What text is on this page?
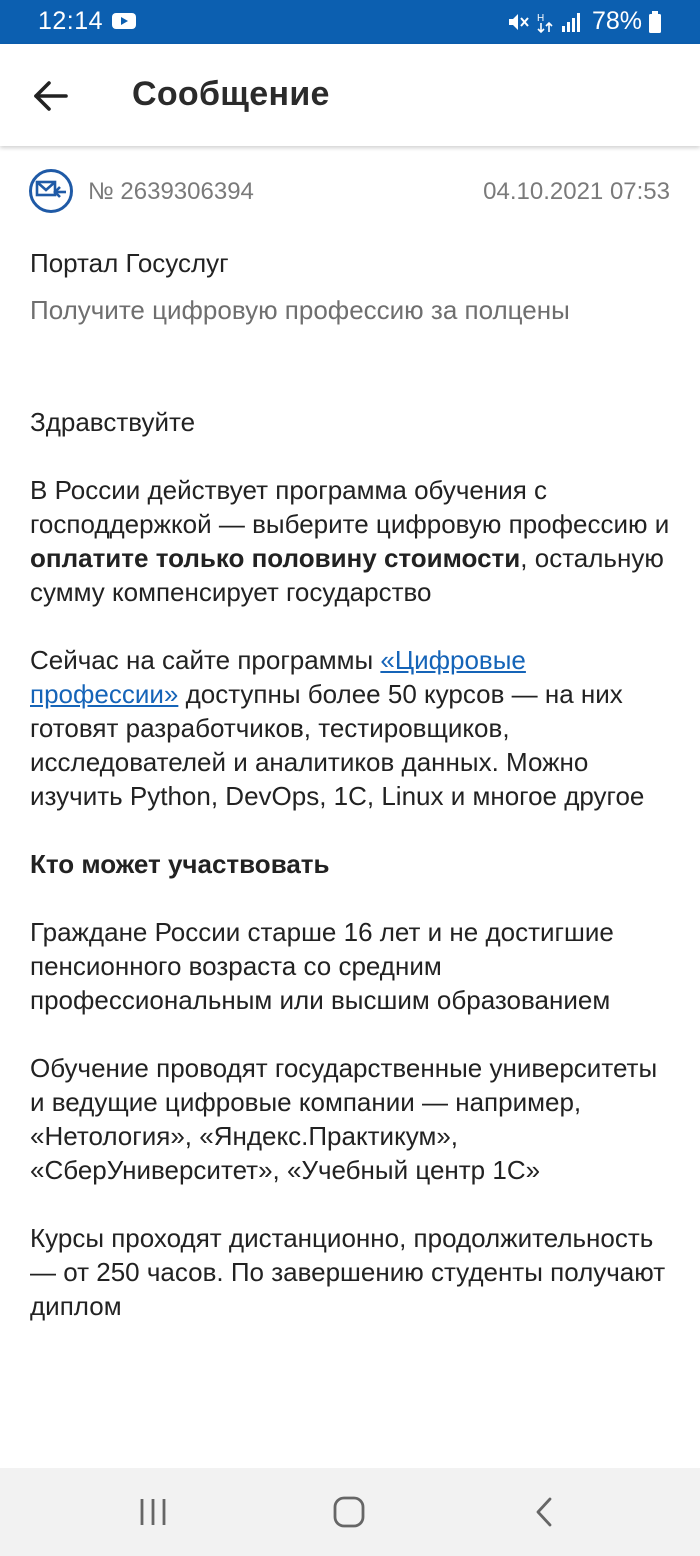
12:14	H 78%
Сообщение
№ 2639306394	04.10.2021 07:53
Портал Госуслуг
Получите цифровую профессию за полцены

Здравствуйте

В России действует программа обучения с господдержкой — выберите цифровую профессию и оплатите только половину стоимости, остальную сумму компенсирует государство

Сейчас на сайте программы «Цифровые профессии» доступны более 50 курсов — на них готовят разработчиков, тестировщиков, исследователей и аналитиков данных. Можно изучить Python, DevOps, 1С, Linux и многое другое

Кто может участвовать

Граждане России старше 16 лет и не достигшие пенсионного возраста со средним профессиональным или высшим образованием

Обучение проводят государственные университеты и ведущие цифровые компании — например, «Нетология», «Яндекс.Практикум», «СберУниверситет», «Учебный центр 1С»

Курсы проходят дистанционно, продолжительность — от 250 часов. По завершению студенты получают диплом
